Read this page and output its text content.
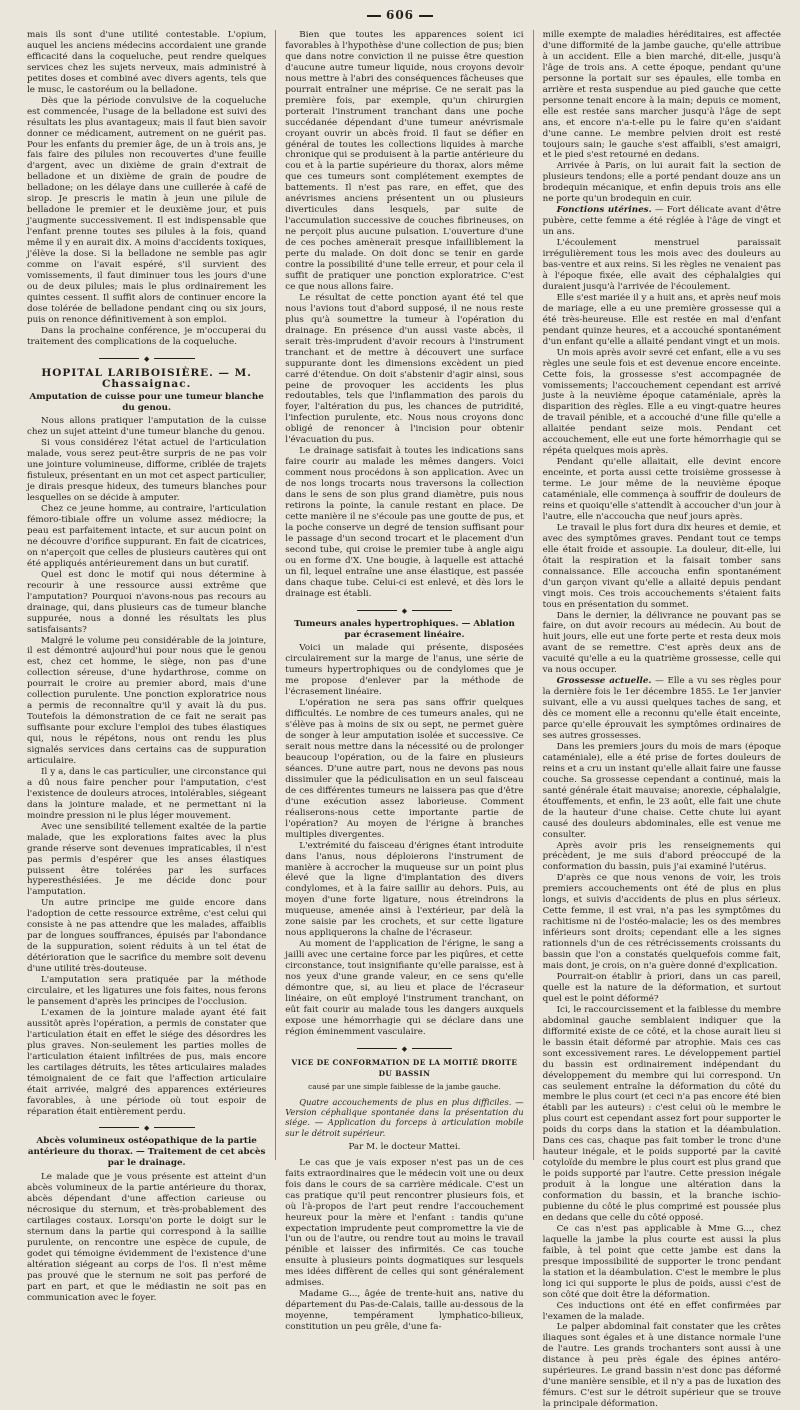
606

mais ils sont d'une utilité contestable. L'opium, auquel les anciens médecins accordaient une grande efficacité dans la coqueluche, peut rendre quelques services chez les sujets nerveux, mais administré à petites doses et combiné avec divers agents, tels que le musc, le castoréum ou la belladone.

Dès que la période convulsive de la coqueluche est commencée, l'usage de la belladone est suivi des résultats les plus avantageux; mais il faut bien savoir donner ce médicament, autrement on ne guérit pas. Pour les enfants du premier âge, de un à trois ans, je fais faire des pilules non recouvertes d'une feuille d'argent, avec un dixième de grain d'extrait de belladone et un dixième de grain de poudre de belladone; on les délaye dans une cuillerée à café de sirop. Je prescris le matin à jeun une pilule de belladone le premier et le deuxième jour, et puis j'augmente successivement. Il est indispensable que l'enfant prenne toutes ses pilules à la fois, quand même il y en aurait dix. A moins d'accidents toxiques, j'élève la dose. Si la belladone ne semble pas agir comme on l'avait espéré, s'il survient des vomissements, il faut diminuer tous les jours d'une ou de deux pilules; mais le plus ordinairement les quintes cessent. Il suffit alors de continuer encore la dose tolérée de belladone pendant cinq ou six jours, puis on renonce définitivement à son emploi.

Dans la prochaine conférence, je m'occuperai du traitement des complications de la coqueluche.

◆
HOPITAL LARIBOISIÈRE. — M. Chassaignac.
Amputation de cuisse pour une tumeur blanche du genou.

Nous allons pratiquer l'amputation de la cuisse chez un sujet atteint d'une tumeur blanche du genou.

Si vous considérez l'état actuel de l'articulation malade, vous serez peut-être surpris de ne pas voir une jointure volumineuse, difforme, criblée de trajets fistuleux, présentant en un mot cet aspect particulier, je dirais presque hideux, des tumeurs blanches pour lesquelles on se décide à amputer.

Chez ce jeune homme, au contraire, l'articulation fémoro-tibiale offre un volume assez médiocre; la peau est parfaitement intacte, et sur aucun point on ne découvre d'orifice suppurant. En fait de cicatrices, on n'aperçoit que celles de plusieurs cautères qui ont été appliqués antérieurement dans un but curatif.

Quel est donc le motif qui nous détermine à recourir à une ressource aussi extrême que l'amputation? Pourquoi n'avons-nous pas recours au drainage, qui, dans plusieurs cas de tumeur blanche suppurée, nous a donné les résultats les plus satisfaisants?

Malgré le volume peu considérable de la jointure, il est démontré aujourd'hui pour nous que le genou est, chez cet homme, le siège, non pas d'une collection séreuse, d'une hydarthrose, comme on pourrait le croire au premier abord, mais d'une collection purulente. Une ponction exploratrice nous a permis de reconnaître qu'il y avait là du pus. Toutefois la démonstration de ce fait ne serait pas suffisante pour exclure l'emploi des tubes élastiques qui, nous le répétons, nous ont rendu les plus signalés services dans certains cas de suppuration articulaire.

Il y a, dans le cas particulier, une circonstance qui a dû nous faire pencher pour l'amputation, c'est l'existence de douleurs atroces, intolérables, siégeant dans la jointure malade, et ne permettant ni la moindre pression ni le plus léger mouvement.

Avec une sensibilité tellement exaltée de la partie malade, que les explorations faites avec la plus grande réserve sont devenues impraticables, il n'est pas permis d'espérer que les anses élastiques puissent être tolérées par les surfaces hyperesthésiées. Je me décide donc pour l'amputation.

Un autre principe me guide encore dans l'adoption de cette ressource extrême, c'est celui qui consiste à ne pas attendre que les malades, affaiblis par de longues souffrances, épuisés par l'abondance de la suppuration, soient réduits à un tel état de détérioration que le sacrifice du membre soit devenu d'une utilité très-douteuse.

L'amputation sera pratiquée par la méthode circulaire, et les ligatures une fois faites, nous ferons le pansement d'après les principes de l'occlusion.

L'examen de la jointure malade ayant été fait aussitôt après l'opération, a permis de constater que l'articulation était en effet le siége des désordres les plus graves. Non-seulement les parties molles de l'articulation étaient infiltrées de pus, mais encore les cartilages détruits, les têtes articulaires malades témoignaient de ce fait que l'affection articulaire était arrivée, malgré des apparences extérieures favorables, à une période où tout espoir de réparation était entièrement perdu.

◆
Abcès volumineux ostéopathique de la partie antérieure du thorax. — Traitement de cet abcès par le drainage.

Le malade que je vous présente est atteint d'un abcès volumineux de la partie antérieure du thorax, abcès dépendant d'une affection carieuse ou nécrosique du sternum, et très-probablement des cartilages costaux. Lorsqu'on porte le doigt sur le sternum dans la partie qui correspond à la saillie purulente, on rencontre une espèce de cupule, de godet qui témoigne évidemment de l'existence d'une altération siégeant au corps de l'os. Il n'est même pas prouvé que le sternum ne soit pas perforé de part en part, et que le médiastin ne soit pas en communication avec le foyer.

Bien que toutes les apparences soient ici favorables à l'hypothèse d'une collection de pus; bien que dans notre conviction il ne puisse être question d'aucune autre tumeur liquide, nous croyons devoir nous mettre à l'abri des conséquences fâcheuses que pourrait entraîner une méprise. Ce ne serait pas la première fois, par exemple, qu'un chirurgien porterait l'instrument tranchant dans une poche succédanée dépendant d'une tumeur anévrismale croyant ouvrir un abcès froid. Il faut se défier en général de toutes les collections liquides à marche chronique qui se produisent à la partie antérieure du cou et à la partie supérieure du thorax, alors même que ces tumeurs sont complétement exemptes de battements. Il n'est pas rare, en effet, que des anévrismes anciens présentent un ou plusieurs diverticules dans lesquels, par suite de l'accumulation successive de couches fibrineuses, on ne perçoit plus aucune pulsation. L'ouverture d'une de ces poches amènerait presque infailliblement la perte du malade. On doit donc se tenir en garde contre la possibilité d'une telle erreur, et pour cela il suffit de pratiquer une ponction exploratrice. C'est ce que nous allons faire.

Le résultat de cette ponction ayant été tel que nous l'avions tout d'abord supposé, il ne nous reste plus qu'à soumettre la tumeur à l'opération du drainage. En présence d'un aussi vaste abcès, il serait très-imprudent d'avoir recours à l'instrument tranchant et de mettre à découvert une surface suppurante dont les dimensions excèdent un pied carré d'étendue. On doit s'abstenir d'agir ainsi, sous peine de provoquer les accidents les plus redoutables, tels que l'inflammation des parois du foyer, l'altération du pus, les chances de putridité, l'infection purulente, etc. Nous nous croyons donc obligé de renoncer à l'incision pour obtenir l'évacuation du pus.

Le drainage satisfait à toutes les indications sans faire courir au malade les mêmes dangers. Voici comment nous procédons à son application. Avec un de nos longs trocarts nous traversons la collection dans le sens de son plus grand diamètre, puis nous retirons la pointe, la canule restant en place. De cette manière il ne s'écoule pas une goutte de pus, et la poche conserve un degré de tension suffisant pour le passage d'un second trocart et le placement d'un second tube, qui croise le premier tube à angle aigu ou en forme d'X. Une bougie, à laquelle est attaché un fil, lequel entraîne une anse élastique, est passée dans chaque tube. Celui-ci est enlevé, et dès lors le drainage est établi.

◆
Tumeurs anales hypertrophiques. — Ablation par écrasement linéaire.

Voici un malade qui présente, disposées circulairement sur la marge de l'anus, une série de tumeurs hypertrophiques ou de condylomes que je me propose d'enlever par la méthode de l'écrasement linéaire.

L'opération ne sera pas sans offrir quelques difficultés. Le nombre de ces tumeurs anales, qui ne s'élève pas à moins de six ou sept, ne permet guère de songer à leur amputation isolée et successive. Ce serait nous mettre dans la nécessité ou de prolonger beaucoup l'opération, ou de la faire en plusieurs séances. D'une autre part, nous ne devons pas nous dissimuler que la pédiculisation en un seul faisceau de ces différentes tumeurs ne laissera pas que d'être d'une exécution assez laborieuse. Comment réaliserons-nous cette importante partie de l'opération? Au moyen de l'érigne à branches multiples divergentes.

L'extrémité du faisceau d'érignes étant introduite dans l'anus, nous déploierons l'instrument de manière à accrocher la muqueuse sur un point plus élevé que la ligne d'implantation des divers condylomes, et à la faire saillir au dehors. Puis, au moyen d'une forte ligature, nous étreindrons la muqueuse, amenée ainsi à l'extérieur, par delà la zone saisie par les crochets, et sur cette ligature nous appliquerons la chaîne de l'écraseur.

Au moment de l'application de l'érigne, le sang a jailli avec une certaine force par les piqûres, et cette circonstance, tout insignifiante qu'elle paraisse, est à nos yeux d'une grande valeur, en ce sens qu'elle démontre que, si, au lieu et place de l'écraseur linéaire, on eût employé l'instrument tranchant, on eût fait courir au malade tous les dangers auxquels expose une hémorrhagie qui se déclare dans une région éminemment vasculaire.

◆
VICE DE CONFORMATION DE LA MOITIÉ DROITE DU BASSIN
causé par une simple faiblesse de la jambe gauche.

Quatre accouchements de plus en plus difficiles. — Version céphalique spontanée dans la présentation du siége. — Application du forceps à articulation mobile sur le détroit supérieur.

Par M. le docteur Mattei.

Le cas que je vais exposer n'est pas un de ces faits extraordinaires que le médecin voit une ou deux fois dans le cours de sa carrière médicale. C'est un cas pratique qu'il peut rencontrer plusieurs fois, et où l'à-propos de l'art peut rendre l'accouchement heureux pour la mère et l'enfant : tandis qu'une expectation imprudente peut compromettre la vie de l'un ou de l'autre, ou rendre tout au moins le travail pénible et laisser des infirmités. Ce cas touche ensuite à plusieurs points dogmatiques sur lesquels mes idées diffèrent de celles qui sont généralement admises.

Madame G..., âgée de trente-huit ans, native du département du Pas-de-Calais, taille au-dessous de la moyenne, tempérament lymphatico-bilieux, constitution un peu grêle, d'une fa-

mille exempte de maladies héréditaires, est affectée d'une difformité de la jambe gauche, qu'elle attribue à un accident. Elle a bien marché, dit-elle, jusqu'à l'âge de trois ans. A cette époque, pendant qu'une personne la portait sur ses épaules, elle tomba en arrière et resta suspendue au pied gauche que cette personne tenait encore à la main; depuis ce moment, elle est restée sans marcher jusqu'à l'âge de sept ans, et encore n'a-t-elle pu le faire qu'en s'aidant d'une canne. Le membre pelvien droit est resté toujours sain; le gauche s'est affaibli, s'est amaigri, et le pied s'est retourné en dedans.

Arrivée à Paris, on lui aurait fait la section de plusieurs tendons; elle a porté pendant douze ans un brodequin mécanique, et enfin depuis trois ans elle ne porte qu'un brodequin en cuir.

Fonctions utérines. — Fort délicate avant d'être pubère, cette femme a été réglée à l'âge de vingt et un ans.

L'écoulement menstruel paraissait irrégulièrement tous les mois avec des douleurs au bas-ventre et aux reins. Si les règles ne venaient pas à l'époque fixée, elle avait des céphalalgies qui duraient jusqu'à l'arrivée de l'écoulement.

Elle s'est mariée il y a huit ans, et après neuf mois de mariage, elle a eu une première grossesse qui a été très-heureuse. Elle est restée en mal d'enfant pendant quinze heures, et a accouché spontanément d'un enfant qu'elle a allaité pendant vingt et un mois.

Un mois après avoir sevré cet enfant, elle a vu ses règles une seule fois et est devenue encore enceinte. Cette fois, la grossesse s'est accompagnée de vomissements; l'accouchement cependant est arrivé juste à la neuvième époque cataméniale, après la disparition des règles. Elle a eu vingt-quatre heures de travail pénible, et a accouché d'une fille qu'elle a allaitée pendant seize mois. Pendant cet accouchement, elle eut une forte hémorrhagie qui se répéta quelques mois après.

Pendant qu'elle allaitait, elle devint encore enceinte, et porta aussi cette troisième grossesse à terme. Le jour même de la neuvième époque cataméniale, elle commença à souffrir de douleurs de reins et quoiqu'elle s'attendît à accoucher d'un jour à l'autre, elle n'accoucha que neuf jours après.

Le travail le plus fort dura dix heures et demie, et avec des symptômes graves. Pendant tout ce temps elle était froide et assoupie. La douleur, dit-elle, lui ôtait la respiration et la faisait tomber sans connaissance. Elle accoucha enfin spontanément d'un garçon vivant qu'elle a allaité depuis pendant vingt mois. Ces trois accouchements s'étaient faits tous en présentation du sommet.

Dans le dernier, la délivrance ne pouvant pas se faire, on dut avoir recours au médecin. Au bout de huit jours, elle eut une forte perte et resta deux mois avant de se remettre. C'est après deux ans de vacuité qu'elle a eu la quatrième grossesse, celle qui va nous occuper.

Grossesse actuelle. — Elle a vu ses règles pour la dernière fois le 1er décembre 1855. Le 1er janvier suivant, elle a vu aussi quelques taches de sang, et dès ce moment elle a reconnu qu'elle était enceinte, parce qu'elle éprouvait les symptômes ordinaires de ses autres grossesses.

Dans les premiers jours du mois de mars (époque cataméniale), elle a été prise de fortes douleurs de reins et a cru un instant qu'elle allait faire une fausse couche. Sa grossesse cependant a continué, mais la santé générale était mauvaise; anorexie, céphalalgie, étouffements, et enfin, le 23 août, elle fait une chute de la hauteur d'une chaise. Cette chute lui ayant causé des douleurs abdominales, elle est venue me consulter.

Après avoir pris les renseignements qui précèdent, je me suis d'abord préoccupé de la conformation du bassin, puis j'ai examiné l'utérus.

D'après ce que nous venons de voir, les trois premiers accouchements ont été de plus en plus longs, et suivis d'accidents de plus en plus sérieux. Cette femme, il est vrai, n'a pas les symptômes du rachitisme ni de l'ostéo-malacie; les os des membres inférieurs sont droits; cependant elle a les signes rationnels d'un de ces rétrécissements croissants du bassin que l'on a constatés quelquefois comme fait, mais dont, je crois, on n'a guère donné d'explication.

Pourrait-on établir à priori, dans un cas pareil, quelle est la nature de la déformation, et surtout quel est le point déformé?

Ici, le raccourcissement et la faiblesse du membre abdominal gauche semblaient indiquer que la difformité existe de ce côté, et la chose aurait lieu si le bassin était déformé par atrophie. Mais ces cas sont excessivement rares. Le développement partiel du bassin est ordinairement indépendant du développement du membre qui lui correspond. Un cas seulement entraîne la déformation du côté du membre le plus court (et ceci n'a pas encore été bien établi par les auteurs) : c'est celui où le membre le plus court est cependant assez fort pour supporter le poids du corps dans la station et la déambulation. Dans ces cas, chaque pas fait tomber le tronc d'une hauteur inégale, et le poids supporté par la cavité cotyloïde du membre le plus court est plus grand que le poids supporté par l'autre. Cette pression inégale produit à la longue une altération dans la conformation du bassin, et la branche ischio-pubienne du côté le plus comprimé est poussée plus en dedans que celle du côté opposé.

Ce cas n'est pas applicable à Mme G..., chez laquelle la jambe la plus courte est aussi la plus faible, à tel point que cette jambe est dans la presque impossibilité de supporter le tronc pendant la station et la déambulation. C'est le membre le plus long ici qui supporte le plus de poids, aussi c'est de son côté que doit être la déformation.

Ces inductions ont été en effet confirmées par l'examen de la malade.

Le palper abdominal fait constater que les crêtes iliaques sont égales et à une distance normale l'une de l'autre. Les grands trochanters sont aussi à une distance à peu près égale des épines antéro-supérieures. Le grand bassin n'est donc pas déformé d'une manière sensible, et il n'y a pas de luxation des fémurs. C'est sur le détroit supérieur que se trouve la principale déformation.
